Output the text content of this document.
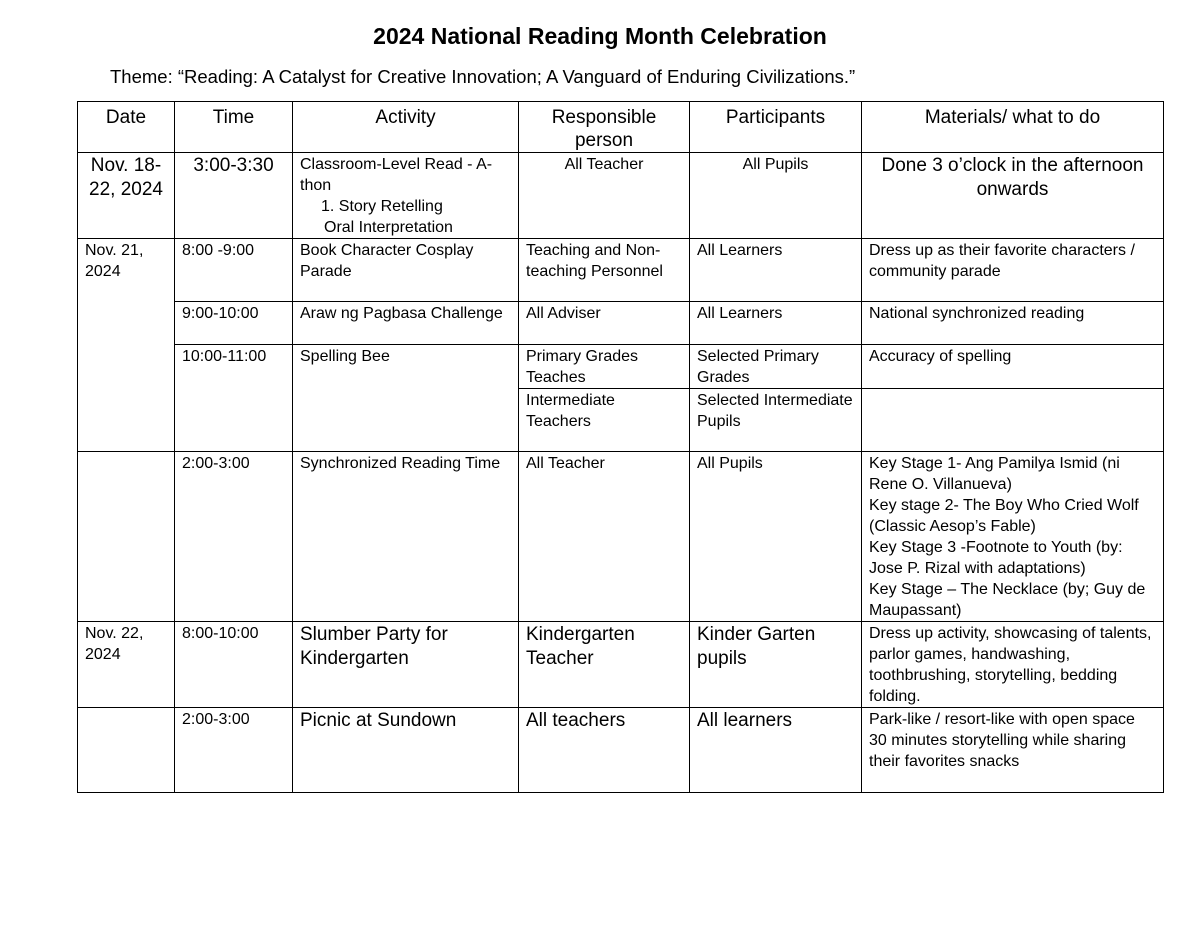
2024 National Reading Month Celebration
Theme: “Reading: A Catalyst for Creative Innovation; A Vanguard of Enduring Civilizations.”
Date	Time	Activity	Responsible person	Participants	Materials/ what to do
Nov. 18-22, 2024	3:00-3:30	Classroom-Level Read - A-thon
1. Story Retelling
Oral Interpretation	All Teacher	All Pupils	Done 3 o’clock in the afternoon onwards
Nov. 21, 2024	8:00 -9:00	Book Character Cosplay Parade	Teaching and Non-teaching Personnel	All Learners	Dress up as their favorite characters / community parade
	9:00-10:00	Araw ng Pagbasa Challenge	All Adviser	All Learners	National synchronized reading
	10:00-11:00	Spelling Bee	Primary Grades Teaches	Selected Primary Grades	Accuracy of spelling
			Intermediate Teachers	Selected Intermediate Pupils	
	2:00-3:00	Synchronized Reading Time	All Teacher	All Pupils	Key Stage 1- Ang Pamilya Ismid (ni Rene O. Villanueva)
Key stage 2- The Boy Who Cried Wolf (Classic Aesop’s Fable)
Key Stage 3 -Footnote to Youth (by: Jose P. Rizal with adaptations)
Key Stage – The Necklace (by; Guy de Maupassant)

Nov. 22, 2024	8:00-10:00	Slumber Party for Kindergarten	Kindergarten Teacher	Kinder Garten pupils	Dress up activity, showcasing of talents, parlor games, handwashing, toothbrushing, storytelling, bedding folding.
	2:00-3:00	Picnic at Sundown	All teachers	All learners	Park-like / resort-like with open space
30 minutes storytelling while sharing their favorites snacks
